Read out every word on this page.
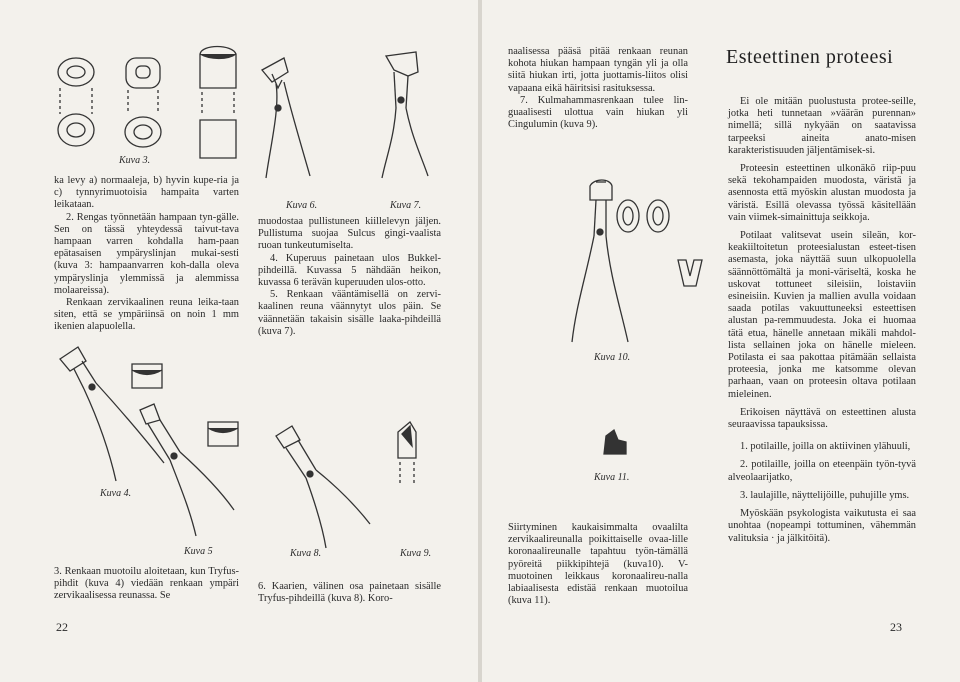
Kuva 3.
Kuva 6.	Kuva 7.

ka levy a) normaaleja, b) hyvin kupe-ria ja c) tynnyrimuotoisia hampaita varten leikataan.

2. Rengas työnnetään hampaan tyn-gälle. Sen on tässä yhteydessä taivut-tava hampaan varren kohdalla ham-paan epätasaisen ympäryslinjan mukai-sesti (kuva 3: hampaanvarren koh-dalla oleva ympäryslinja ylemmissä ja alemmissa molaareissa).

Renkaan zervikaalinen reuna leika-taan siten, että se ympäriinsä on noin 1 mm ikenien alapuolella.

muodostaa pullistuneen kiillelevyn jäljen. Pullistuma suojaa Sulcus gingi-vaalista ruoan tunkeutumiselta.

4. Kuperuus painetaan ulos Bukkel-pihdeillä. Kuvassa 5 nähdään heikon, kuvassa 6 terävän kuperuuden ulos-otto.

5. Renkaan vääntämisellä on zervi-kaalinen reuna väännytyt ulos päin. Se väännetään takaisin sisälle laaka-pihdeillä (kuva 7).

Kuva 4.
Kuva 5	Kuva 8.	Kuva 9.
3. Renkaan muotoilu aloitetaan, kun Tryfus-pihdit (kuva 4) viedään renkaan ympäri zervikaalisessa reunassa. Se
6. Kaarien, välinen osa painetaan sisälle Tryfus-pihdeillä (kuva 8). Koro-
22

naalisessa pääsä pitää renkaan reunan kohota hiukan hampaan tyngän yli ja olla siitä hiukan irti, jotta juottamis-liitos olisi vapaana eikä häiritsisi rasituksessa.

7. Kulmahammasrenkaan tulee lin-guaalisesti ulottua vain hiukan yli Cingulumin (kuva 9).

Esteettinen proteesi

Ei ole mitään puolustusta protee-seille, jotka heti tunnetaan »väärän purennan» nimellä; sillä nykyään on saatavissa tarpeeksi aineita anato-misen karakteristisuuden jäljentämisek-si.

Proteesin esteettinen ulkonäkö riip-puu sekä tekohampaiden muodosta, väristä ja asennosta että myöskin alustan muodosta ja väristä. Esillä olevassa työssä käsitellään vain viimek-simainittuja seikkoja.

Potilaat valitsevat usein sileän, kor-keakiiltoitetun proteesialustan esteet-tisen asemasta, joka näyttää suun ulkopuolella säännöttömältä ja moni-väriseltä, koska he uskovat tottuneet sileisiin, loistaviin esineisiin. Kuvien ja mallien avulla voidaan saada potilas vakuuttuneeksi esteettisen alustan pa-remmuudesta. Joka ei huomaa tätä etua, hänelle annetaan mikäli mahdol-lista sellainen joka on hänelle mieleen. Potilasta ei saa pakottaa pitämään sellaista proteesia, jonka me katsomme olevan parhaan, vaan on proteesin oltava potilaan mieleinen.

Erikoisen näyttävä on esteettinen alusta seuraavissa tapauksissa.

1. potilaille, joilla on aktiivinen ylähuuli,

2. potilaille, joilla on eteenpäin työn-tyvä alveolaarijatko,

3. laulajille, näyttelijöille, puhujille yms.

Myöskään psykologista vaikutusta ei saa unohtaa (nopeampi tottuminen, vähemmän valituksia · ja jälkitöitä).

Kuva 10.
Kuva 11.
Siirtyminen kaukaisimmalta ovaalilta zervikaalireunalla poikittaiselle ovaa-lille koronaalireunalle tapahtuu työn-tämällä pyöreitä piikkipihtejä (kuva10). V-muotoinen leikkaus koronaalireu-nalla labiaalisesta edistää renkaan muotoilua (kuva 11).
23
